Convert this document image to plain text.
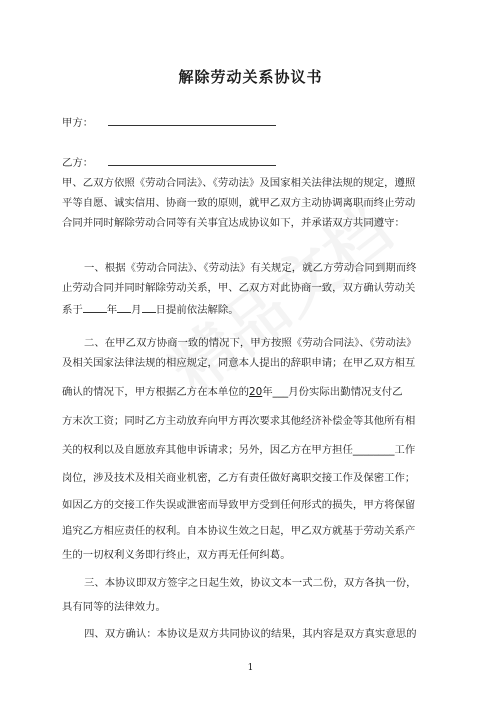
解除劳动关系协议书
甲方：
乙方：
甲、乙双方依照《劳动合同法》、《劳动法》及国家相关法律法规的规定，遵照
平等自愿、诚实信用、协商一致的原则，就甲乙双方主动协调离职而终止劳动
合同并同时解除劳动合同等有关事宜达成协议如下，并承诺双方共同遵守：
一、根据《劳动合同法》、《劳动法》有关规定，就乙方劳动合同到期而终
止劳动合同并同时解除劳动关系，甲、乙双方对此协商一致，双方确认劳动关
系于 年 月 日提前依法解除。
二、在甲乙双方协商一致的情况下，甲方按照《劳动合同法》、《劳动法》
及相关国家法律法规的相应规定，同意本人提出的辞职申请；在甲乙双方相互
确认的情况下，甲方根据乙方在本单位的20年___月份实际出勤情况支付乙
方末次工资；同时乙方主动放弃向甲方再次要求其他经济补偿金等其他所有相
关的权利以及自愿放弃其他申诉请求；另外，因乙方在甲方担任________工作
岗位，涉及技术及相关商业机密，乙方有责任做好离职交接工作及保密工作；
如因乙方的交接工作失误或泄密而导致甲方受到任何形式的损失，甲方将保留
追究乙方相应责任的权利。自本协议生效之日起，甲乙双方就基于劳动关系产
生的一切权利义务即行终止，双方再无任何纠葛。
三、本协议即双方签字之日起生效，协议文本一式二份，双方各执一份，
具有同等的法律效力。
四、双方确认：本协议是双方共同协议的结果，其内容是双方真实意思的
1
